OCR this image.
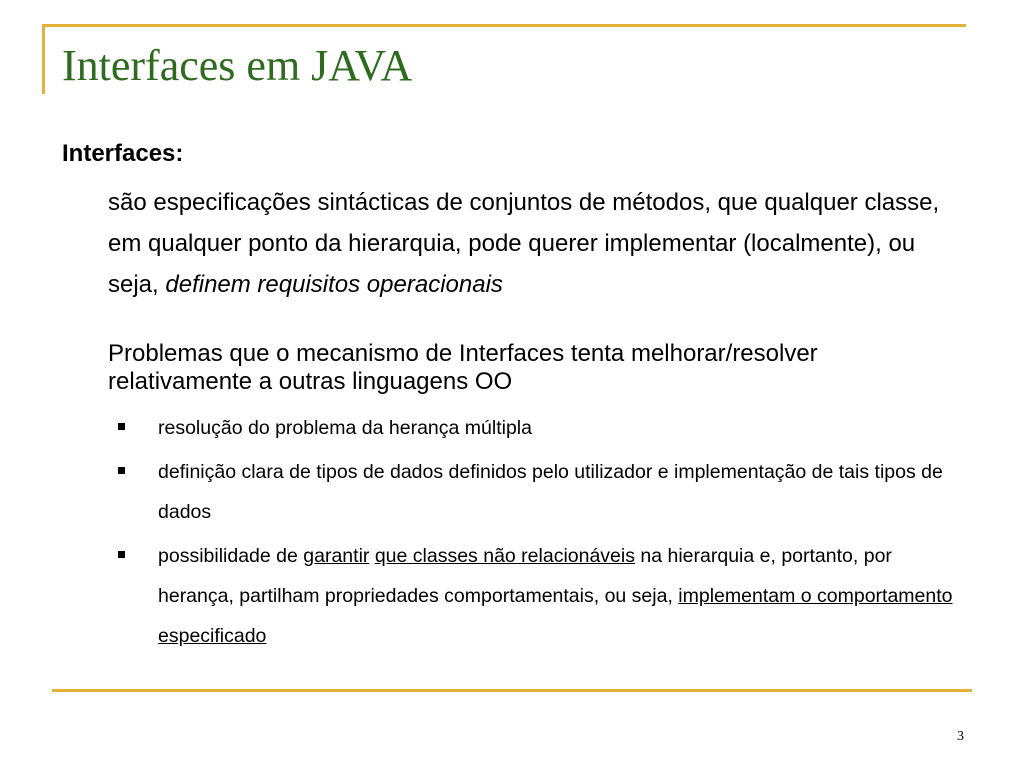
Interfaces em JAVA
Interfaces:
são especificações sintácticas de conjuntos de métodos, que qualquer classe, em qualquer ponto da hierarquia, pode querer implementar (localmente), ou seja, definem requisitos operacionais
Problemas que o mecanismo de Interfaces tenta melhorar/resolver relativamente a outras linguagens OO
resolução do problema da herança múltipla
definição clara de tipos de dados definidos pelo utilizador e implementação de tais tipos de dados
possibilidade de garantir que classes não relacionáveis na hierarquia e, portanto, por herança, partilham propriedades comportamentais, ou seja, implementam o comportamento especificado
3
